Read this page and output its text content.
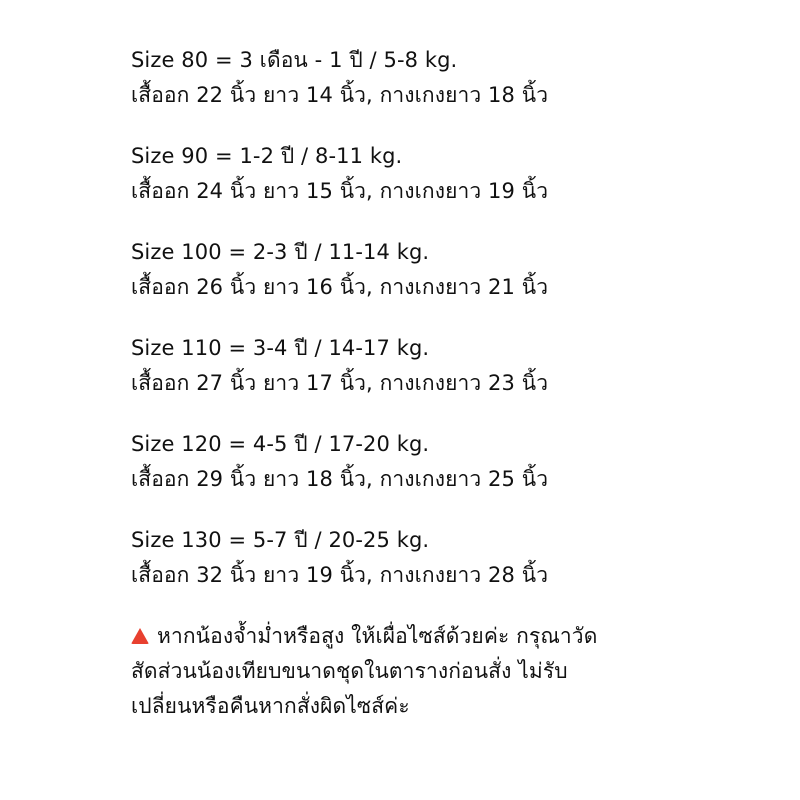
Size 80 = 3 เดือน - 1 ปี / 5-8 kg.
เสื้ออก 22 นิ้ว ยาว 14 นิ้ว, กางเกงยาว 18 นิ้ว
Size 90 = 1-2 ปี / 8-11 kg.
เสื้ออก 24 นิ้ว ยาว 15 นิ้ว, กางเกงยาว 19 นิ้ว
Size 100 = 2-3 ปี / 11-14 kg.
เสื้ออก 26 นิ้ว ยาว 16 นิ้ว, กางเกงยาว 21 นิ้ว
Size 110 = 3-4 ปี / 14-17 kg.
เสื้ออก 27 นิ้ว ยาว 17 นิ้ว, กางเกงยาว 23 นิ้ว
Size 120 = 4-5 ปี / 17-20 kg.
เสื้ออก 29 นิ้ว ยาว 18 นิ้ว, กางเกงยาว 25 นิ้ว
Size 130 = 5-7 ปี / 20-25 kg.
เสื้ออก 32 นิ้ว ยาว 19 นิ้ว, กางเกงยาว 28 นิ้ว
หากน้องจ้ำม่ำหรือสูง ให้เผื่อไซส์ด้วยค่ะ กรุณาวัด
สัดส่วนน้องเทียบขนาดชุดในตารางก่อนสั่ง ไม่รับ
เปลี่ยนหรือคืนหากสั่งผิดไซส์ค่ะ
